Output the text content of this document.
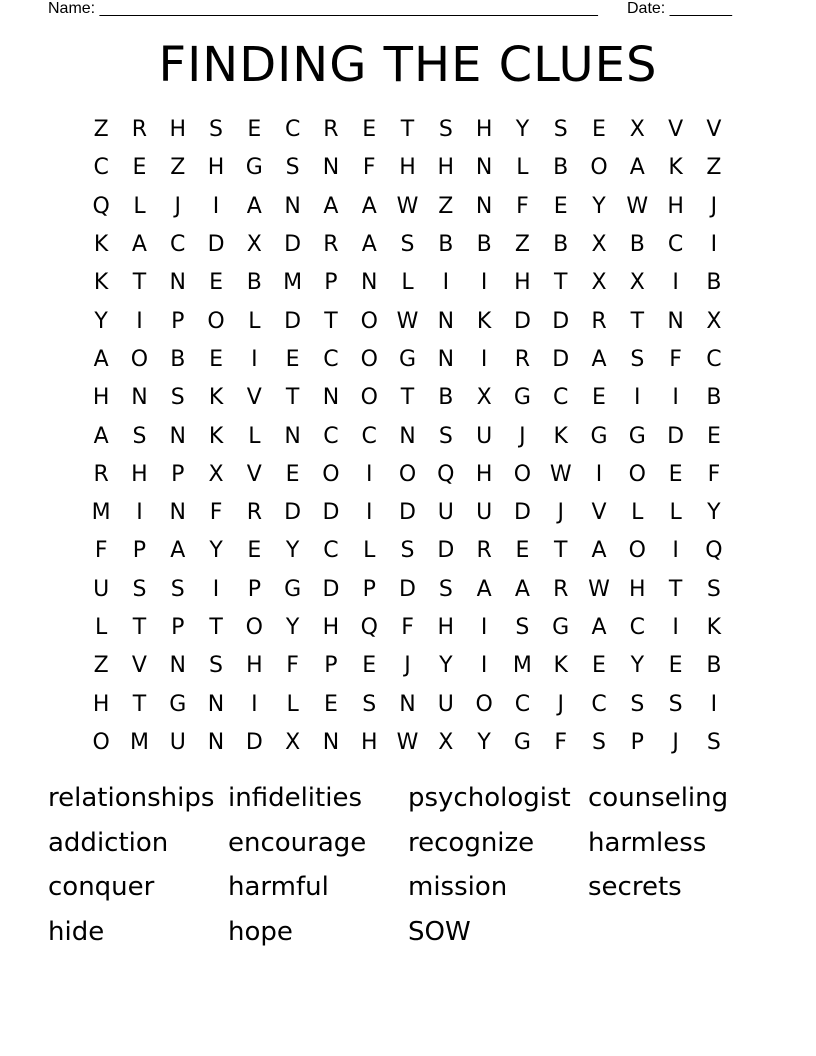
Name: ________________________________________________________ Date: _______
FINDING THE CLUES
Z	R	H	S	E	C	R	E	T	S	H	Y	S	E	X	V	V
C	E	Z	H G	S	N	F	H H N	L	B	O	A	K	Z
Q	L	J	I	A	N	A	A W Z	N	F	E	Y W H	J
K	A	C	D	X	D	R	A	S	B	B	Z	B	X	B	C	I
K	T	N	E	B M	P	N	L	I	I	H	T	X	X	I	B
Y	I	P	O	L	D	T	O W N	K	D D	R	T	N	X
A	O	B	E	I	E	C O G N	I	R	D	A	S	F	C
H N	S	K	V	T	N O	T	B	X	G	C	E	I	I	B
A	S	N	K	L	N	C	C	N	S	U	J	K	G G D	E
R	H	P	X	V	E	O	I	O Q H O W	I	O	E	F
M	I	N	F	R	D D	I	D U	U D	J	V	L	L	Y
F	P	A	Y	E	Y	C	L	S	D	R	E	T	A	O	I	Q
U	S	S	I	P	G D	P	D	S	A	A	R W H	T	S
L	T	P	T	O	Y	H Q	F	H	I	S	G	A	C	I	K
Z	V	N	S	H	F	P	E	J	Y	I	M K	E	Y	E	B
H	T	G N	I	L	E	S	N	U O C	J	C	S	S	I
O M U	N D	X	N H W X	Y	G	F	S	P	J	S
relationships infidelities	psychologist counseling
addiction	encourage	recognize	harmless
conquer	harmful	mission	secrets
hide	hope	SOW
